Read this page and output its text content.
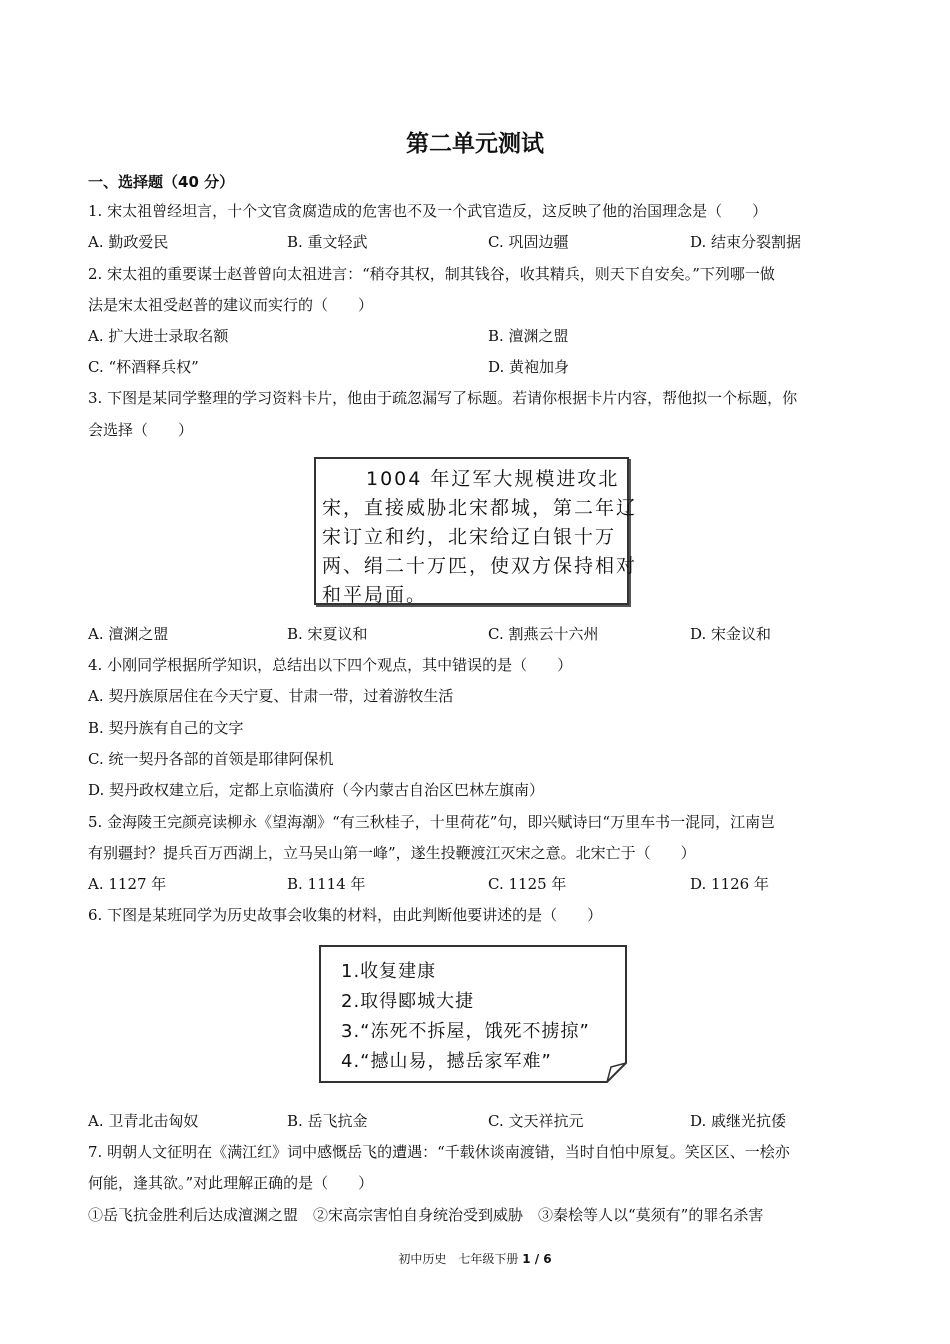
第二单元测试
一、选择题（40 分）
1. 宋太祖曾经坦言，十个文官贪腐造成的危害也不及一个武官造反，这反映了他的治国理念是（　　）
A. 勤政爱民	B. 重文轻武	C. 巩固边疆	D. 结束分裂割据
2. 宋太祖的重要谋士赵普曾向太祖进言：“稍夺其权，制其钱谷，收其精兵，则天下自安矣。”下列哪一做
法是宋太祖受赵普的建议而实行的（　　）
A. 扩大进士录取名额	B. 澶渊之盟
C. “杯酒释兵权”	D. 黄袍加身
3. 下图是某同学整理的学习资料卡片，他由于疏忽漏写了标题。若请你根据卡片内容，帮他拟一个标题，你
会选择（　　）
1004 年辽军大规模进攻北
宋，直接威胁北宋都城，第二年辽
宋订立和约，北宋给辽白银十万
两、绢二十万匹，使双方保持相对
和平局面。
A. 澶渊之盟	B. 宋夏议和	C. 割燕云十六州	D. 宋金议和
4. 小刚同学根据所学知识，总结出以下四个观点，其中错误的是（　　）
A. 契丹族原居住在今天宁夏、甘肃一带，过着游牧生活
B. 契丹族有自己的文字
C. 统一契丹各部的首领是耶律阿保机
D. 契丹政权建立后，定都上京临潢府（今内蒙古自治区巴林左旗南）
5. 金海陵王完颜亮读柳永《望海潮》“有三秋桂子，十里荷花”句，即兴赋诗曰“万里车书一混同，江南岂
有别疆封？提兵百万西湖上，立马吴山第一峰”，遂生投鞭渡江灭宋之意。北宋亡于（　　）
A. 1127 年	B. 1114 年	C. 1125 年	D. 1126 年
6. 下图是某班同学为历史故事会收集的材料，由此判断他要讲述的是（　　）
1.收复建康
2.取得郾城大捷
3.“冻死不拆屋，饿死不掳掠”
4.“撼山易，撼岳家军难”
A. 卫青北击匈奴	B. 岳飞抗金	C. 文天祥抗元	D. 戚继光抗倭
7. 明朝人文征明在《满江红》词中感慨岳飞的遭遇：“千载休谈南渡错，当时自怕中原复。笑区区、一桧亦
何能，逢其欲。”对此理解正确的是（　　）
①岳飞抗金胜利后达成澶渊之盟　②宋高宗害怕自身统治受到威胁　③秦桧等人以“莫须有”的罪名杀害
初中历史　七年级下册 1 / 6
